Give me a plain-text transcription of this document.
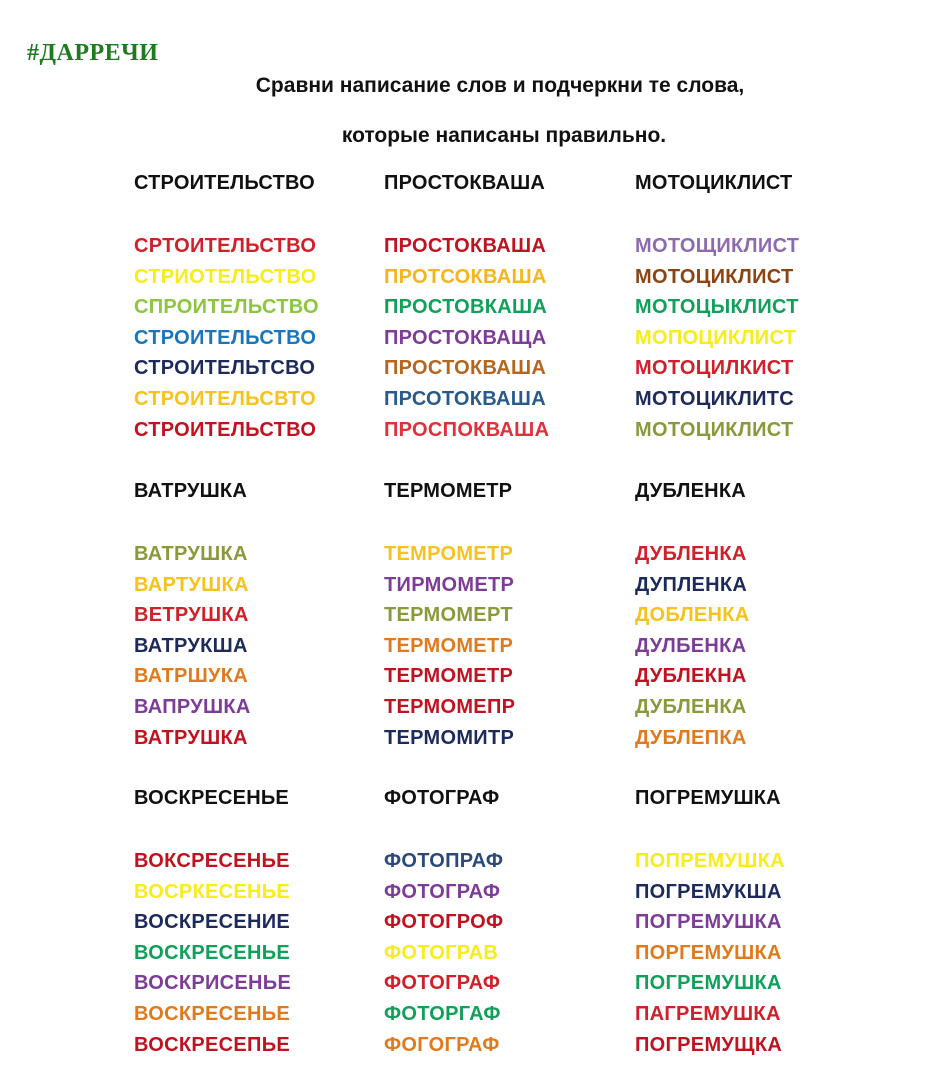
#ДАРРЕЧИ
Сравни написание слов и подчеркни те слова,
которые написаны правильно.
СТРОИТЕЛЬСТВО
СРТОИТЕЛЬСТВО
СТРИОТЕЛЬСТВО
СПРОИТЕЛЬСТВО
СТРОИТЕЛЬСТВО
СТРОИТЕЛЬТСВО
СТРОИТЕЛЬСВТО
СТРОИТЕЛЬСТВО
ПРОСТОКВАША
ПРОСТОКВАША
ПРОТСОКВАША
ПРОСТОВКАША
ПРОСТОКВАЩА
ПРОСТОКВАША
ПРСОТОКВАША
ПРОСПОКВАША
МОТОЦИКЛИСТ
МОТОЩИКЛИСТ
МОТОЦИКЛИСТ
МОТОЦЫКЛИСТ
МОПОЦИКЛИСТ
МОТОЦИЛКИСТ
МОТОЦИКЛИТС
МОТОЦИКЛИСТ
ВАТРУШКА
ВАТРУШКА
ВАРТУШКА
ВЕТРУШКА
ВАТРУКША
ВАТРШУКА
ВАПРУШКА
ВАТРУШКА
ТЕРМОМЕТР
ТЕМРОМЕТР
ТИРМОМЕТР
ТЕРМОМЕРТ
ТЕРМОМЕТР
ТЕРМОМЕТР
ТЕРМОМЕПР
ТЕРМОМИТР
ДУБЛЕНКА
ДУБЛЕНКА
ДУПЛЕНКА
ДОБЛЕНКА
ДУЛБЕНКА
ДУБЛЕКНА
ДУБЛЕНКА
ДУБЛЕПКА
ВОСКРЕСЕНЬЕ
ВОКСРЕСЕНЬЕ
ВОСРКЕСЕНЬЕ
ВОСКРЕСЕНИЕ
ВОСКРЕСЕНЬЕ
ВОСКРИСЕНЬЕ
ВОСКРЕСЕНЬЕ
ВОСКРЕСЕПЬЕ
ФОТОГРАФ
ФОТОПРАФ
ФОТОГРАФ
ФОТОГРОФ
ФОТОГРАВ
ФОТОГРАФ
ФОТОРГАФ
ФОГОГРАФ
ПОГРЕМУШКА
ПОПРЕМУШКА
ПОГРЕМУКША
ПОГРЕМУШКА
ПОРГЕМУШКА
ПОГРЕМУШКА
ПАГРЕМУШКА
ПОГРЕМУЩКА
